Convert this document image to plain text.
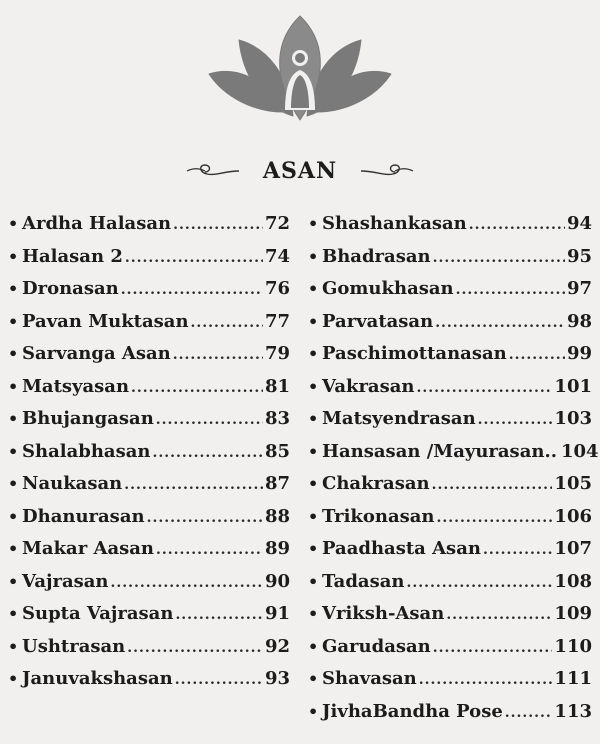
ASAN
• Ardha Halasan .....	72
• Halasan 2 .....	74
• Dronasan .....	76
• Pavan Muktasan .....	77
• Sarvanga Asan .....	79
• Matsyasan .....	81
• Bhujangasan .....	83
• Shalabhasan .....	85
• Naukasan .....	87
• Dhanurasan .....	88
• Makar Aasan .....	89
• Vajrasan .....	90
• Supta Vajrasan .....	91
• Ushtrasan .....	92
• Januvakshasan .....	93
• Shashankasan .....	94
• Bhadrasan .....	95
• Gomukhasan .....	97
• Parvatasan .....	98
• Paschimottanasan .....	99
• Vakrasan .....	101
• Matsyendrasan .....	103
• Hansasan /Mayurasan.. 104
• Chakrasan .....	105
• Trikonasan .....	106
• Paadhasta Asan .....	107
• Tadasan .....	108
• Vriksh-Asan .....	109
• Garudasan .....	110
• Shavasan .....	111
• JivhaBandha Pose .....	113
